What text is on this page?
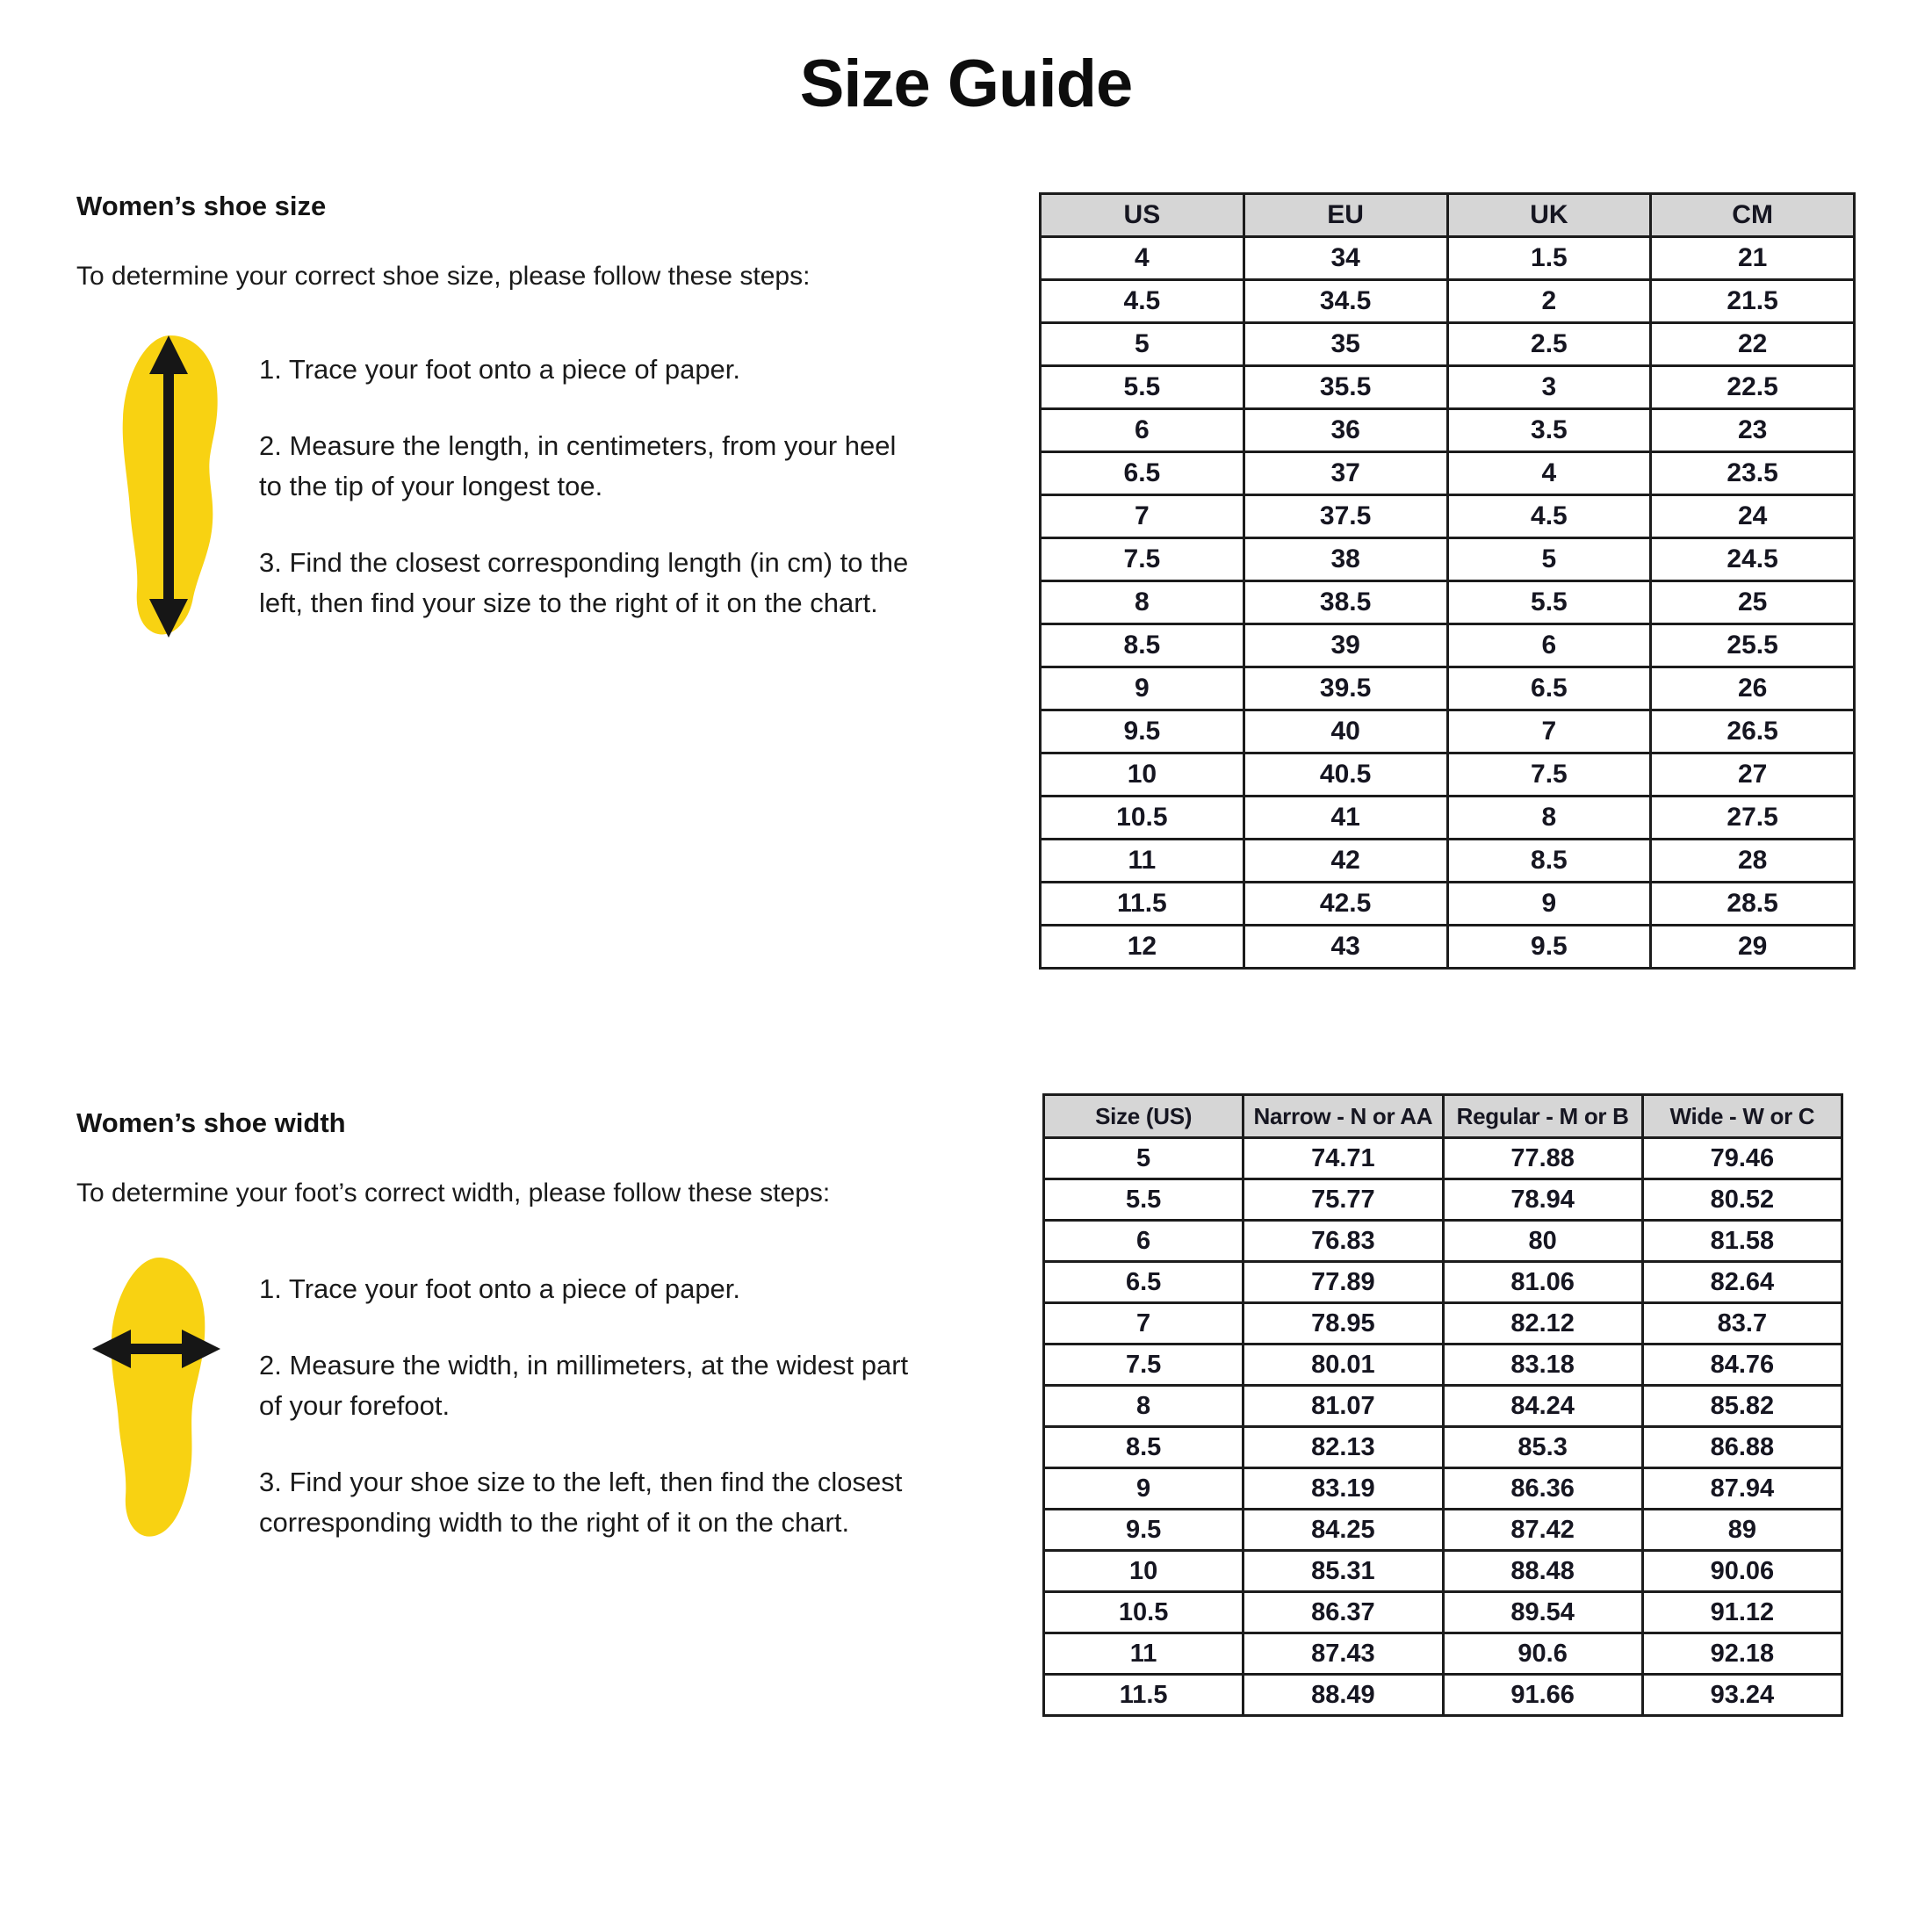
Size Guide
Women’s shoe size

To determine your correct shoe size, please follow these steps:

1. Trace your foot onto a piece of paper.
2. Measure the length, in centimeters, from your heel
to the tip of your longest toe.
3. Find the closest corresponding length (in cm) to the
left, then find your size to the right of it on the chart.
US	EU	UK	CM
4	34	1.5	21
4.5	34.5	2	21.5
5	35	2.5	22
5.5	35.5	3	22.5
6	36	3.5	23
6.5	37	4	23.5
7	37.5	4.5	24
7.5	38	5	24.5
8	38.5	5.5	25
8.5	39	6	25.5
9	39.5	6.5	26
9.5	40	7	26.5
10	40.5	7.5	27
10.5	41	8	27.5
11	42	8.5	28
11.5	42.5	9	28.5
12	43	9.5	29
Women’s shoe width

To determine your foot’s correct width, please follow these steps:

1. Trace your foot onto a piece of paper.
2. Measure the width, in millimeters, at the widest part
of your forefoot.
3. Find your shoe size to the left, then find the closest
corresponding width to the right of it on the chart.
Size (US)	Narrow - N or AA	Regular - M or B	Wide - W or C
5	74.71	77.88	79.46
5.5	75.77	78.94	80.52
6	76.83	80	81.58
6.5	77.89	81.06	82.64
7	78.95	82.12	83.7
7.5	80.01	83.18	84.76
8	81.07	84.24	85.82
8.5	82.13	85.3	86.88
9	83.19	86.36	87.94
9.5	84.25	87.42	89
10	85.31	88.48	90.06
10.5	86.37	89.54	91.12
11	87.43	90.6	92.18
11.5	88.49	91.66	93.24
